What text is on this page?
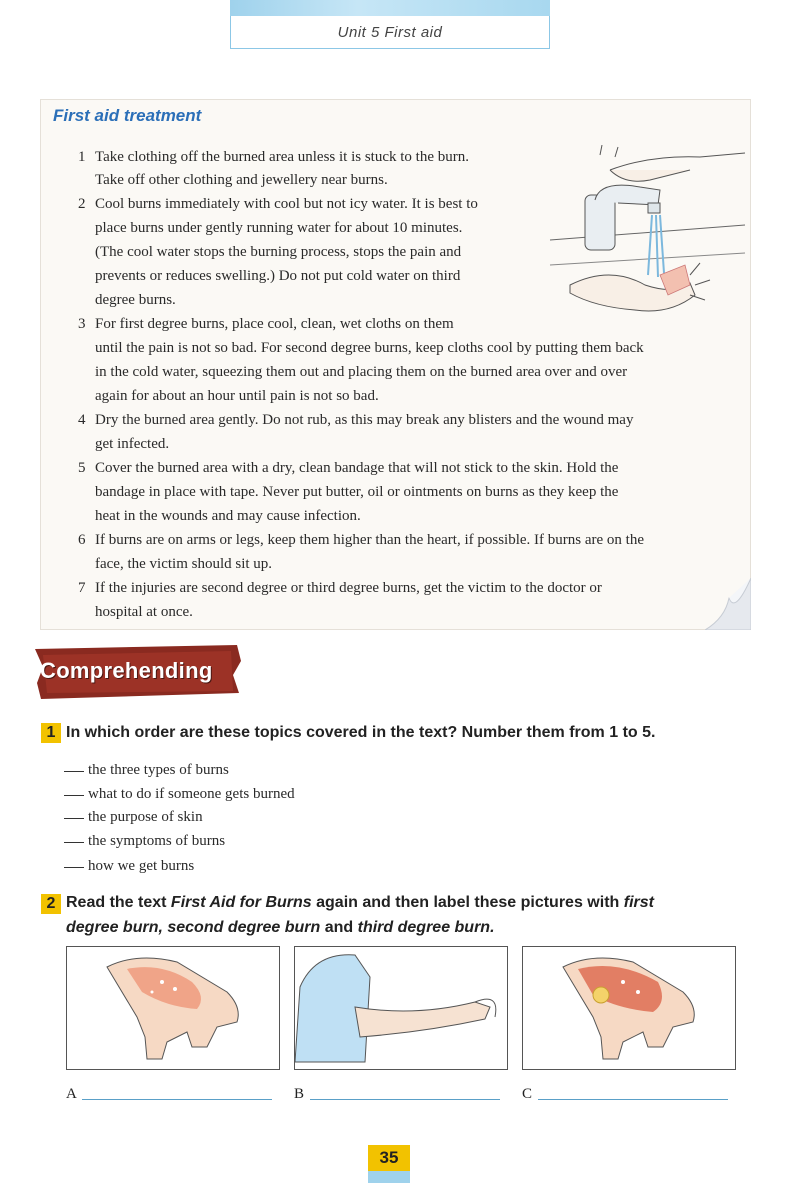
Unit 5 First aid
First aid treatment
1 Take clothing off the burned area unless it is stuck to the burn.
Take off other clothing and jewellery near burns.
2 Cool burns immediately with cool but not icy water. It is best to
place burns under gently running water for about 10 minutes.
(The cool water stops the burning process, stops the pain and
prevents or reduces swelling.) Do not put cold water on third
degree burns.
3 For first degree burns, place cool, clean, wet cloths on them
until the pain is not so bad. For second degree burns, keep cloths cool by putting them back
in the cold water, squeezing them out and placing them on the burned area over and over
again for about an hour until pain is not so bad.
4 Dry the burned area gently. Do not rub, as this may break any blisters and the wound may
get infected.
5 Cover the burned area with a dry, clean bandage that will not stick to the skin. Hold the
bandage in place with tape. Never put butter, oil or ointments on burns as they keep the
heat in the wounds and may cause infection.
6 If burns are on arms or legs, keep them higher than the heart, if possible. If burns are on the
face, the victim should sit up.
7 If the injuries are second degree or third degree burns, get the victim to the doctor or
hospital at once.
Comprehending
1 In which order are these topics covered in the text? Number them from 1 to 5.
the three types of burns
what to do if someone gets burned
the purpose of skin
the symptoms of burns
how we get burns
2 Read the text First Aid for Burns again and then label these pictures with first
degree burn, second degree burn and third degree burn.
A	B	C
35
